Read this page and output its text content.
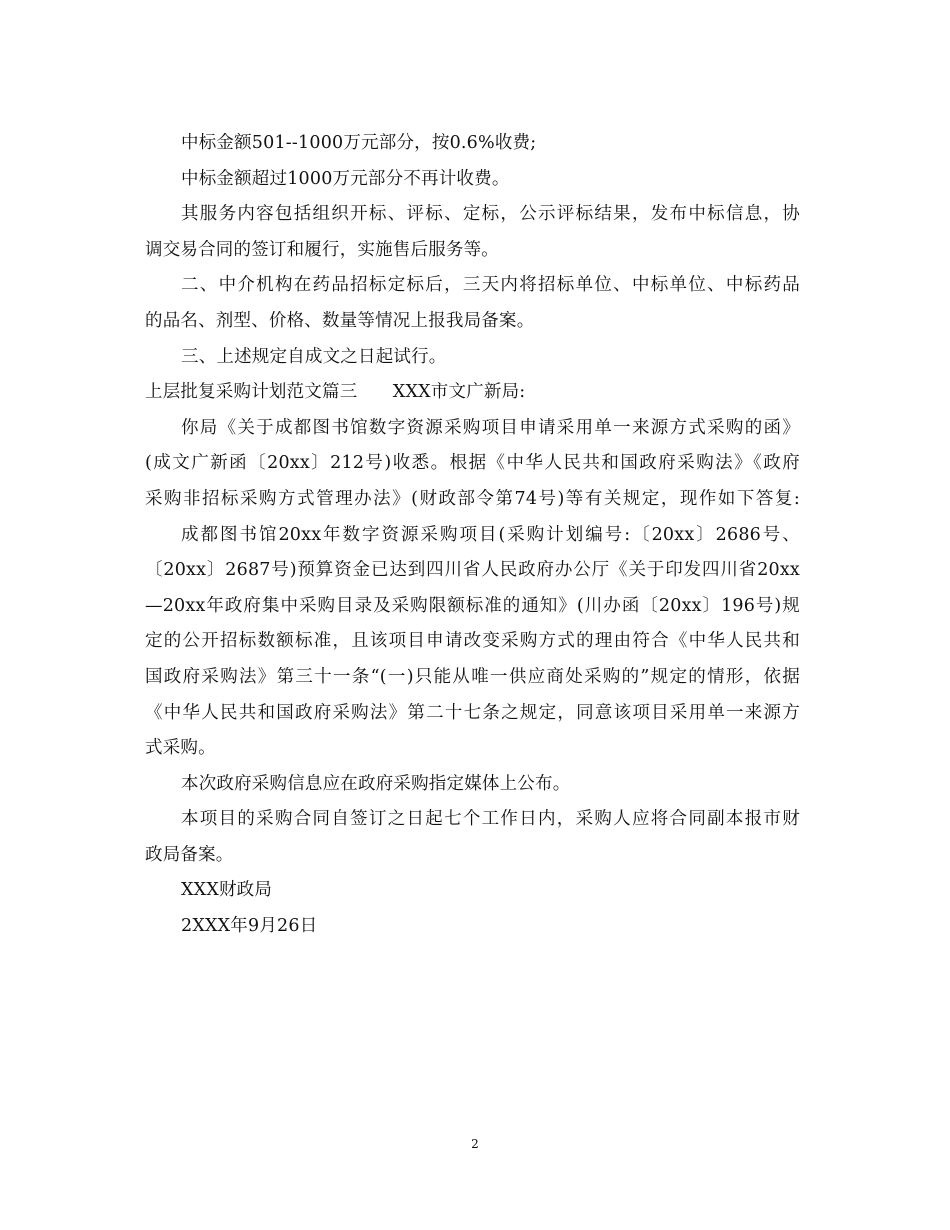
中标金额501--1000万元部分，按0.6%收费;
中标金额超过1000万元部分不再计收费。
其服务内容包括组织开标、评标、定标，公示评标结果，发布中标信息，协
调交易合同的签订和履行，实施售后服务等。
二、中介机构在药品招标定标后，三天内将招标单位、中标单位、中标药品
的品名、剂型、价格、数量等情况上报我局备案。
三、上述规定自成文之日起试行。
上层批复采购计划范文篇三　　XXX市文广新局:
你局《关于成都图书馆数字资源采购项目申请采用单一来源方式采购的函》
(成文广新函〔20xx〕212号)收悉。根据《中华人民共和国政府采购法》《政府
采购非招标采购方式管理办法》(财政部令第74号)等有关规定，现作如下答复:
成都图书馆20xx年数字资源采购项目(采购计划编号:〔20xx〕2686号、
〔20xx〕2687号)预算资金已达到四川省人民政府办公厅《关于印发四川省20xx
—20xx年政府集中采购目录及采购限额标准的通知》(川办函〔20xx〕196号)规
定的公开招标数额标准，且该项目申请改变采购方式的理由符合《中华人民共和
国政府采购法》第三十一条“(一)只能从唯一供应商处采购的”规定的情形，依据
《中华人民共和国政府采购法》第二十七条之规定，同意该项目采用单一来源方
式采购。
本次政府采购信息应在政府采购指定媒体上公布。
本项目的采购合同自签订之日起七个工作日内，采购人应将合同副本报市财
政局备案。
XXX财政局
2XXX年9月26日
2
